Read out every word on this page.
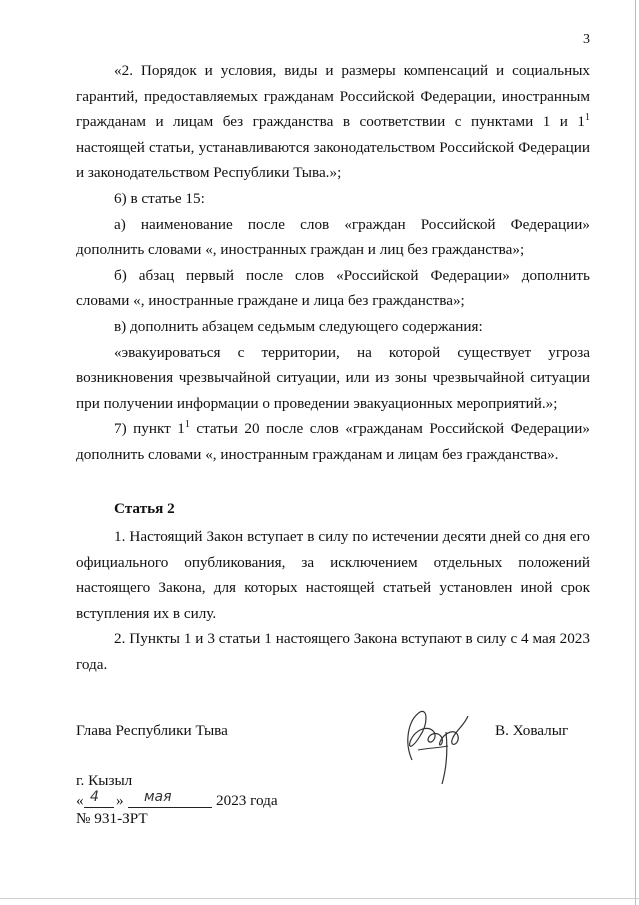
3

«2. Порядок и условия, виды и размеры компенсаций и социальных гарантий, предоставляемых гражданам Российской Федерации, иностранным гражданам и лицам без гражданства в соответствии с пунктами 1 и $1^1$ настоящей статьи, устанавливаются законодательством Российской Федерации и законодательством Республики Тыва.»;

6) в статье 15:

а) наименование после слов «граждан Российской Федерации» дополнить словами «, иностранных граждан и лиц без гражданства»;

б) абзац первый после слов «Российской Федерации» дополнить словами «, иностранные граждане и лица без гражданства»;

в) дополнить абзацем седьмым следующего содержания:

«эвакуироваться с территории, на которой существует угроза возникновения чрезвычайной ситуации, или из зоны чрезвычайной ситуации при получении информации о проведении эвакуационных мероприятий.»;

7) пункт $1^1$ статьи 20 после слов «гражданам Российской Федерации» дополнить словами «, иностранным гражданам и лицам без гражданства».

Статья 2

1. Настоящий Закон вступает в силу по истечении десяти дней со дня его официального опубликования, за исключением отдельных положений настоящего Закона, для которых настоящей статьей установлен иной срок вступления их в силу.

2. Пункты 1 и 3 статьи 1 настоящего Закона вступают в силу с 4 мая 2023 года.

Глава Республики Тыва	В. Ховалыг
г. Кызыл
« 4 » мая	2023 года
№ 931-ЗРТ
